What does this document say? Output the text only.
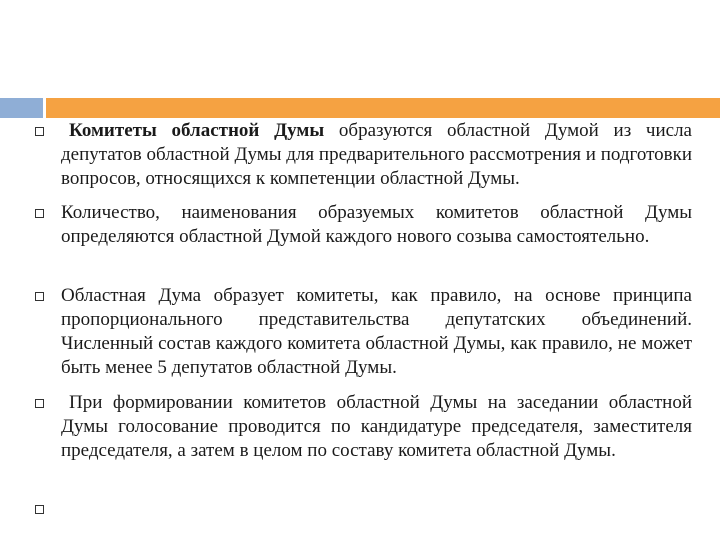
Комитеты областной Думы образуются областной Думой из числа депутатов областной Думы для предварительного рассмотрения и подготовки вопросов, относящихся к компетенции областной Думы.

Количество, наименования образуемых комитетов областной Думы определяются областной Думой каждого нового созыва самостоятельно.

Областная Дума образует комитеты, как правило, на основе принципа пропорционального представительства депутатских объединений. Численный состав каждого комитета областной Думы, как правило, не может быть менее 5 депутатов областной Думы.

При формировании комитетов областной Думы на заседании областной Думы голосование проводится по кандидатуре председателя, заместителя председателя, а затем в целом по составу комитета областной Думы.
